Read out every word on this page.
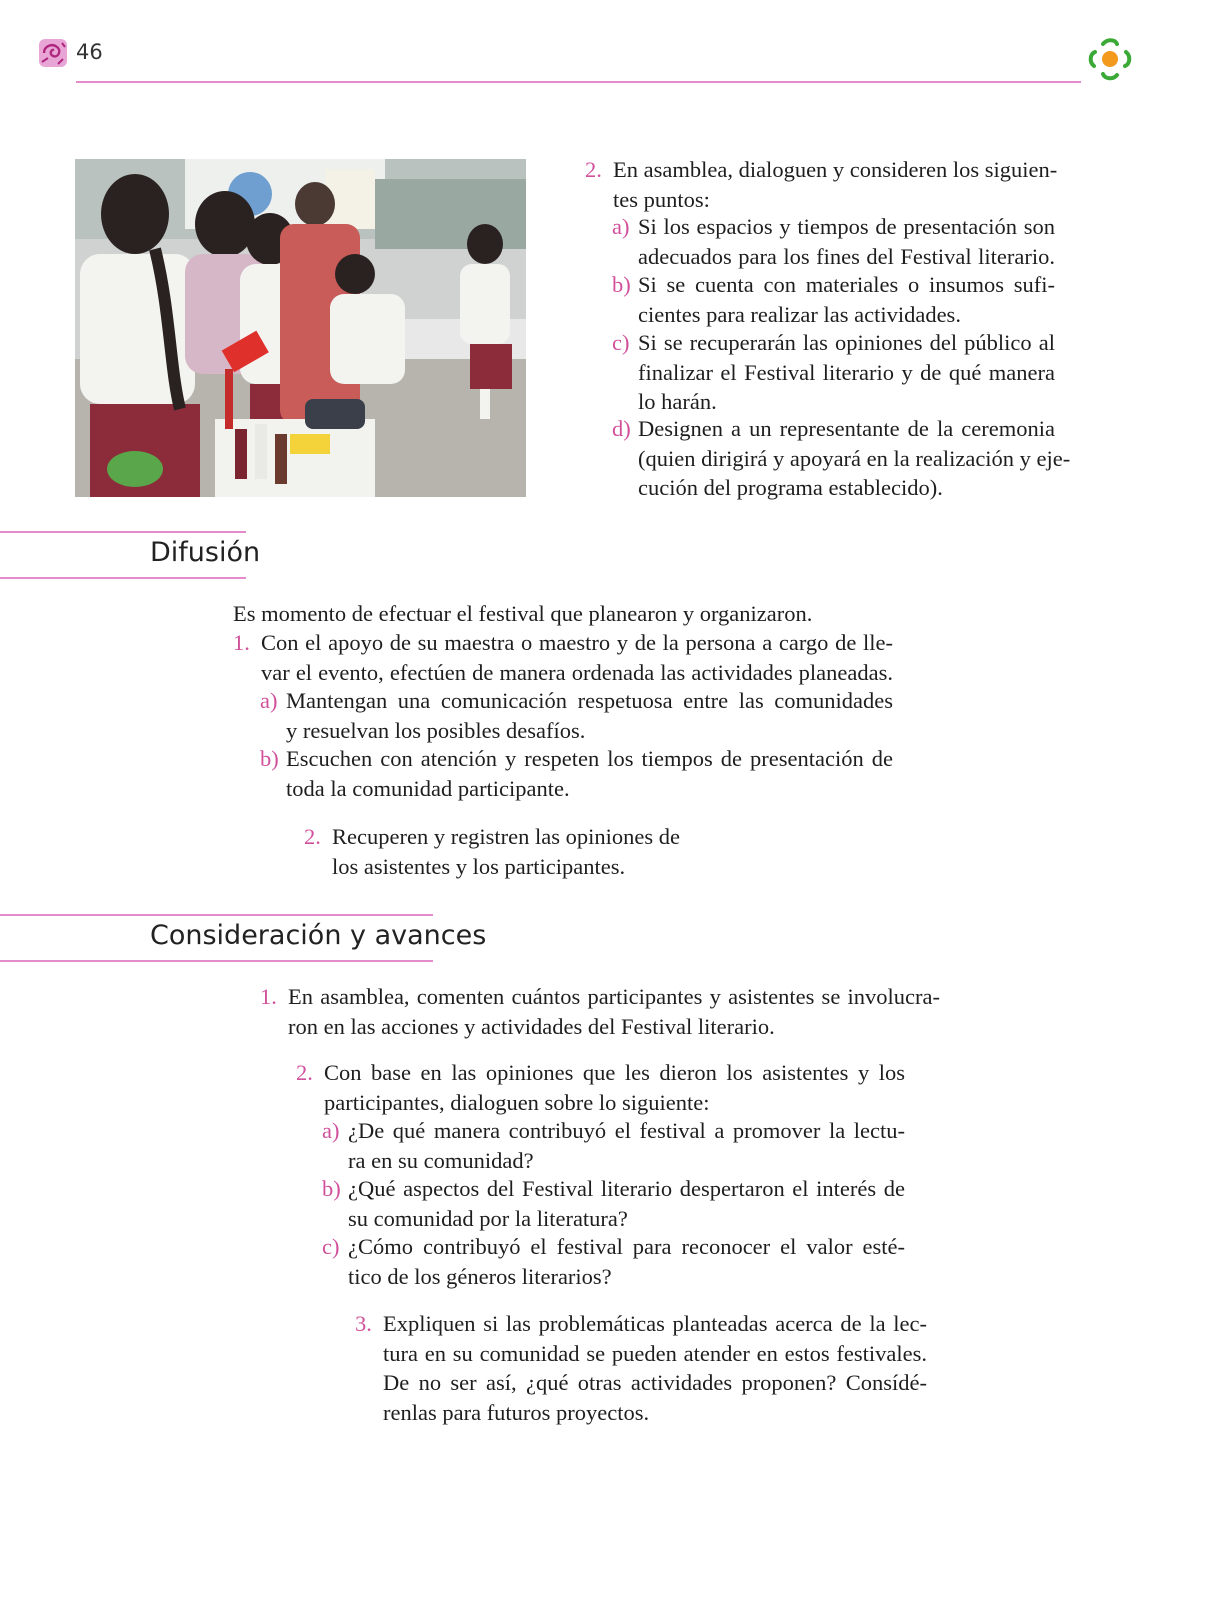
46
2. En asamblea, dialoguen y consideren los siguien-
tes puntos:
a) Si los espacios y tiempos de presentación son
adecuados para los fines del Festival literario.
b) Si se cuenta con materiales o insumos sufi-
cientes para realizar las actividades.
c) Si se recuperarán las opiniones del público al
finalizar el Festival literario y de qué manera
lo harán.
d) Designen a un representante de la ceremonia
(quien dirigirá y apoyará en la realización y eje-
cución del programa establecido).
Difusión
Es momento de efectuar el festival que planearon y organizaron.
1. Con el apoyo de su maestra o maestro y de la persona a cargo de lle-
var el evento, efectúen de manera ordenada las actividades planeadas.
a) Mantengan una comunicación respetuosa entre las comunidades
y resuelvan los posibles desafíos.
b) Escuchen con atención y respeten los tiempos de presentación de
toda la comunidad participante.
2. Recuperen y registren las opiniones de
los asistentes y los participantes.
Consideración y avances
1. En asamblea, comenten cuántos participantes y asistentes se involucra-
ron en las acciones y actividades del Festival literario.
2. Con base en las opiniones que les dieron los asistentes y los
participantes, dialoguen sobre lo siguiente:
a) ¿De qué manera contribuyó el festival a promover la lectu-
ra en su comunidad?
b) ¿Qué aspectos del Festival literario despertaron el interés de
su comunidad por la literatura?
c) ¿Cómo contribuyó el festival para reconocer el valor esté-
tico de los géneros literarios?
3. Expliquen si las problemáticas planteadas acerca de la lec-
tura en su comunidad se pueden atender en estos festivales.
De no ser así, ¿qué otras actividades proponen? Consídé-
renlas para futuros proyectos.
